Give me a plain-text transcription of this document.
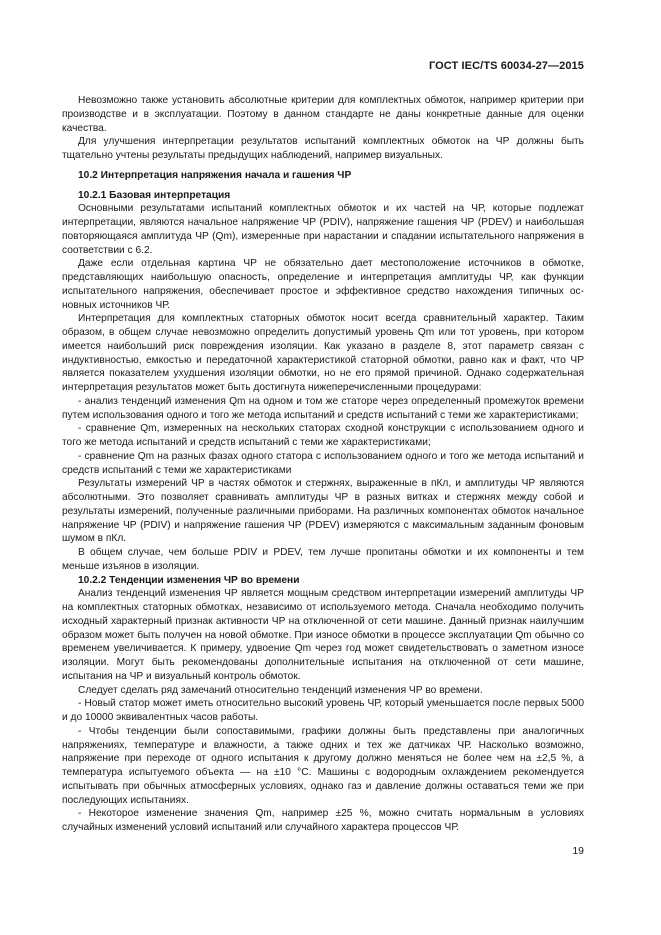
ГОСТ IEC/TS 60034-27—2015

Невозможно также установить абсолютные критерии для комплектных обмоток, например критерии при производстве и в эксплуатации. Поэтому в данном стандарте не даны конкретные данные для оценки качества.

Для улучшения интерпретации результатов испытаний комплектных обмоток на ЧР должны быть тщательно учтены результаты предыдущих наблюдений, например визуальных.

10.2 Интерпретация напряжения начала и гашения ЧР
10.2.1 Базовая интерпретация

Основными результатами испытаний комплектных обмоток и их частей на ЧР, которые подлежат интерпретации, являются начальное напряжение ЧР (PDIV), напряжение гашения ЧР (PDEV) и наибольшая повторяющаяся амплитуда ЧР (Qm), измеренные при нарастании и спадании испытательного напряжения в соответствии с 6.2.

Даже если отдельная картина ЧР не обязательно дает местоположение источников в обмотке, представляющих наибольшую опасность, определение и интерпретация амплитуды ЧР, как функции испытательного напряжения, обеспечивает простое и эффективное средство нахождения типичных основных источников ЧР.

Интерпретация для комплектных статорных обмоток носит всегда сравнительный характер. Таким образом, в общем случае невозможно определить допустимый уровень Qm или тот уровень, при котором имеется наибольший риск повреждения изоляции. Как указано в разделе 8, этот параметр связан с индуктивностью, емкостью и передаточной характеристикой статорной обмотки, равно как и факт, что ЧР является показателем ухудшения изоляции обмотки, но не его прямой причиной. Однако содержательная интерпретация результатов может быть достигнута нижеперечисленными процедурами:

- анализ тенденций изменения Qm на одном и том же статоре через определенный промежуток времени путем использования одного и того же метода испытаний и средств испытаний с теми же характеристиками;

- сравнение Qm, измеренных на нескольких статорах сходной конструкции с использованием одного и того же метода испытаний и средств испытаний с теми же характеристиками;

- сравнение Qm на разных фазах одного статора с использованием одного и того же метода испытаний и средств испытаний с теми же характеристиками

Результаты измерений ЧР в частях обмоток и стержнях, выраженные в пКл, и амплитуды ЧР являются абсолютными. Это позволяет сравнивать амплитуды ЧР в разных витках и стержнях между собой и результаты измерений, полученные различными приборами. На различных компонентах обмоток начальное напряжение ЧР (PDIV) и напряжение гашения ЧР (PDEV) измеряются с максимальным заданным фоновым шумом в пКл.

В общем случае, чем больше PDIV и PDEV, тем лучше пропитаны обмотки и их компоненты и тем меньше изъянов в изоляции.

10.2.2 Тенденции изменения ЧР во времени

Анализ тенденций изменения ЧР является мощным средством интерпретации измерений амплитуды ЧР на комплектных статорных обмотках, независимо от используемого метода. Сначала необходимо получить исходный характерный признак активности ЧР на отключенной от сети машине. Данный признак наилучшим образом может быть получен на новой обмотке. При износе обмотки в процессе эксплуатации Qm обычно со временем увеличивается. К примеру, удвоение Qm через год может свидетельствовать о заметном износе изоляции. Могут быть рекомендованы дополнительные испытания на отключенной от сети машине, испытания на ЧР и визуальный контроль обмоток.

Следует сделать ряд замечаний относительно тенденций изменения ЧР во времени.

- Новый статор может иметь относительно высокий уровень ЧР, который уменьшается после первых 5000 и до 10000 эквивалентных часов работы.

- Чтобы тенденции были сопоставимыми, графики должны быть представлены при аналогичных напряжениях, температуре и влажности, а также одних и тех же датчиках ЧР. Насколько возможно, напряжение при переходе от одного испытания к другому должно меняться не более чем на ±2,5 %, а температура испытуемого объекта — на ±10 °С. Машины с водородным охлаждением рекомендуется испытывать при обычных атмосферных условиях, однако газ и давление должны оставаться теми же при последующих испытаниях.

- Некоторое изменение значения Qm, например ±25 %, можно считать нормальным в условиях случайных изменений условий испытаний или случайного характера процессов ЧР.

19
